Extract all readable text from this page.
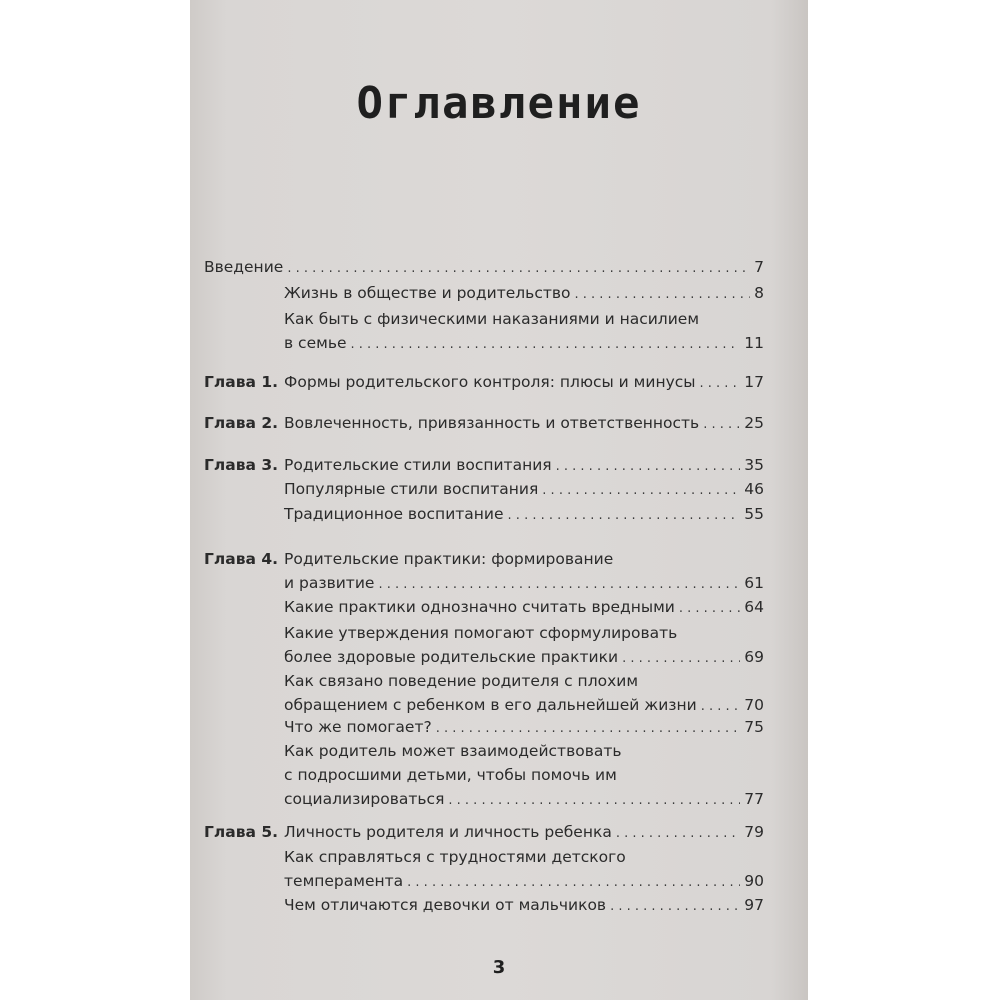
Оглавление
Введение . . .	7
Жизнь в обществе и родительство . . .	8
Как быть с физическими наказаниями и насилием
в семье . . .	11
Глава 1. Формы родительского контроля: плюсы и минусы . . .	17
Глава 2. Вовлеченность, привязанность и ответственность . . .	25
Глава 3. Родительские стили воспитания . . .	35
Популярные стили воспитания . . .	46
Традиционное воспитание . . .	55
Глава 4. Родительские практики: формирование
и развитие . . .	61
Какие практики однозначно считать вредными . . .	64
Какие утверждения помогают сформулировать
более здоровые родительские практики . . .	69
Как связано поведение родителя с плохим
обращением с ребенком в его дальнейшей жизни . . .	70
Что же помогает? . . .	75
Как родитель может взаимодействовать
с подросшими детьми, чтобы помочь им
социализироваться . . .	77
Глава 5. Личность родителя и личность ребенка . . .	79
Как справляться с трудностями детского
темперамента . . .	90
Чем отличаются девочки от мальчиков . . .	97
3
